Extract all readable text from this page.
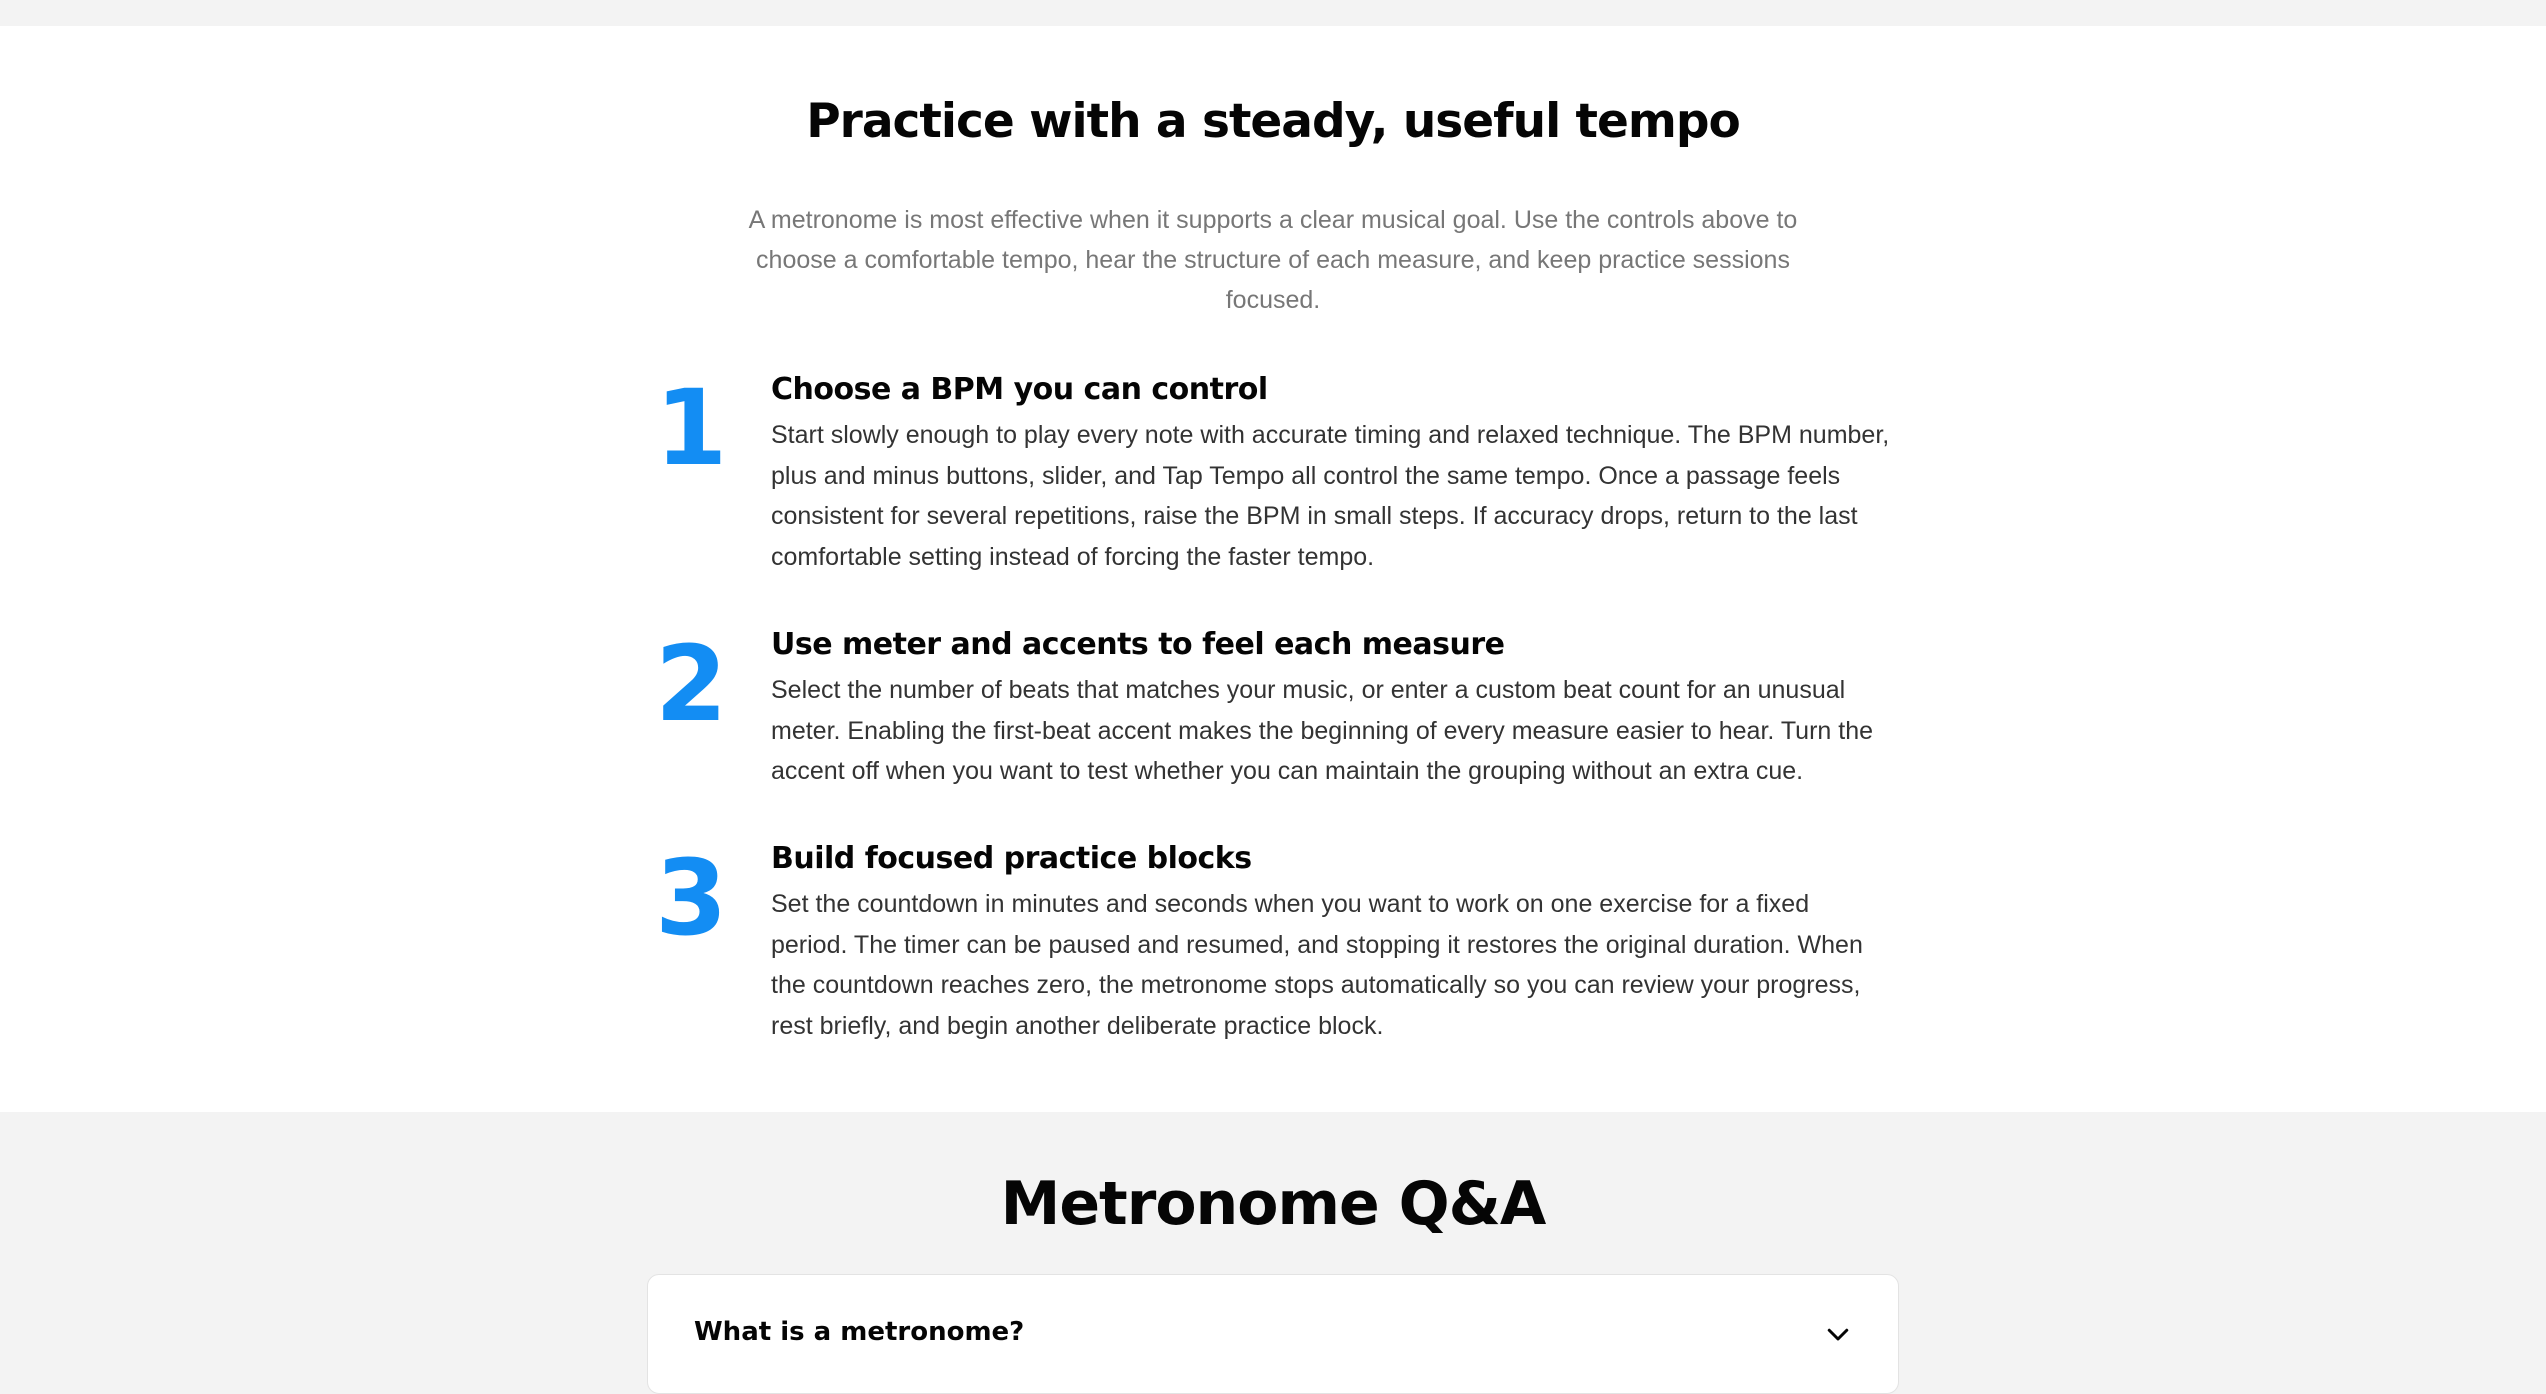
Practice with a steady, useful tempo

A metronome is most effective when it supports a clear musical goal. Use the controls above to choose a comfortable tempo, hear the structure of each measure, and keep practice sessions focused.

1 Choose a BPM you can control

Start slowly enough to play every note with accurate timing and relaxed technique. The BPM number, plus and minus buttons, slider, and Tap Tempo all control the same tempo. Once a passage feels consistent for several repetitions, raise the BPM in small steps. If accuracy drops, return to the last comfortable setting instead of forcing the faster tempo.

2 Use meter and accents to feel each measure

Select the number of beats that matches your music, or enter a custom beat count for an unusual meter. Enabling the first-beat accent makes the beginning of every measure easier to hear. Turn the accent off when you want to test whether you can maintain the grouping without an extra cue.

3 Build focused practice blocks

Set the countdown in minutes and seconds when you want to work on one exercise for a fixed period. The timer can be paused and resumed, and stopping it restores the original duration. When the countdown reaches zero, the metronome stops automatically so you can review your progress, rest briefly, and begin another deliberate practice block.

Metronome Q&A
What is a metronome?
